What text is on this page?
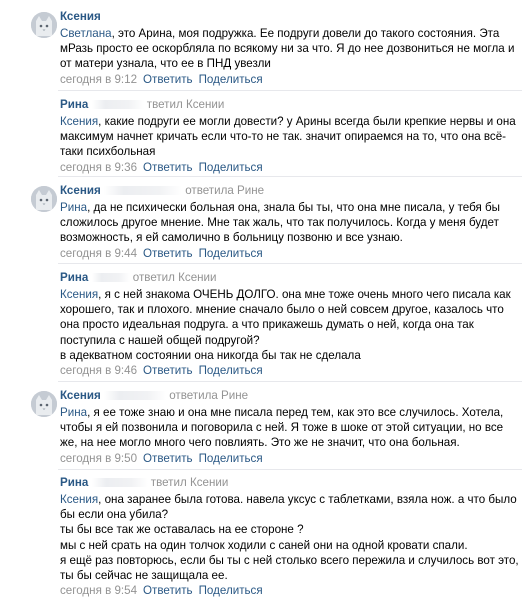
Ксения

Светлана, это Арина, моя подружка. Ее подруги довели до такого состояния. Эта мРазь просто ее оскорбляла по всякому ни за что. Я до нее дозвониться не могла и от матери узнала, что ее в ПНД увезли

сегодня в 9:12 Ответить Поделиться
Рина	тветил Ксении

Ксения, какие подруги ее могли довести? у Арины всегда были крепкие нервы и она максимум начнет кричать если что-то не так. значит опираемся на то, что она всё-таки психбольная

сегодня в 9:36 Ответить Поделиться
Ксения	ответила Рине

Рина, да не психически больная она, знала бы ты, что она мне писала, у тебя бы сложилось другое мнение. Мне так жаль, что так получилось. Когда у меня будет возможность, я ей самолично в больницу позвоню и все узнаю.

сегодня в 9:44 Ответить Поделиться
Рина	ответил Ксении

Ксения, я с ней знакома ОЧЕНЬ ДОЛГО. она мне тоже очень много чего писала как хорошего, так и плохого. мнение сначало было о ней совсем другое, казалось что она просто идеальная подруга. а что прикажешь думать о ней, когда она так поступила с нашей общей подругой?

в адекватном состоянии она никогда бы так не сделала

сегодня в 9:46 Ответить Поделиться
Ксения	ответила Рине

Рина, я ее тоже знаю и она мне писала перед тем, как это все случилось. Хотела, чтобы я ей позвонила и поговорила с ней. Я тоже в шоке от этой ситуации, но все же, на нее могло много чего повлиять. Это же не значит, что она больная.

сегодня в 9:50 Ответить Поделиться
Рина	тветил Ксении

Ксения, она заранее была готова. навела уксус с таблетками, взяла нож. а что было бы если она убила?

ты бы все так же оставалась на ее стороне ?

мы с ней срать на один толчок ходили с саней они на одной кровати спали.

я ещё раз повторюсь, если бы ты с ней столько всего пережила и случилось вот это, ты бы сейчас не защищала ее.

сегодня в 9:54 Ответить Поделиться
